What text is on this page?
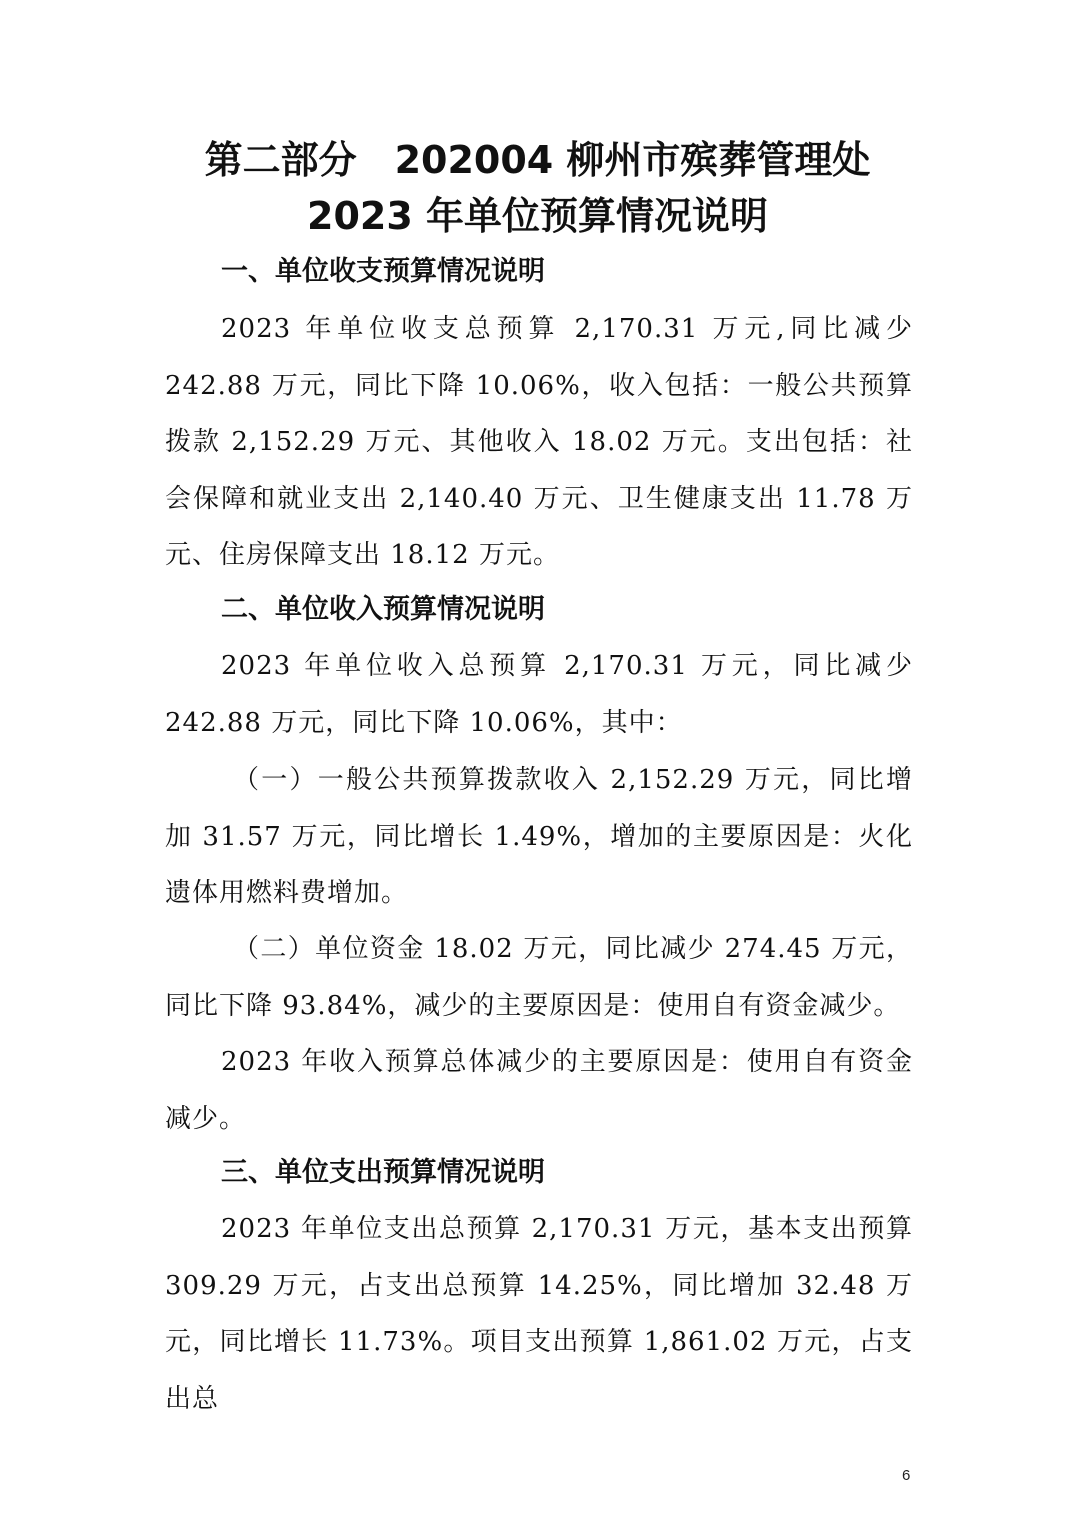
第二部分　202004 柳州市殡葬管理处
2023 年单位预算情况说明
一、单位收支预算情况说明

2023 年单位收支总预算 2,170.31 万元,同比减少 242.88 万元，同比下降 10.06%，收入包括：一般公共预算拨款 2,152.29 万元、其他收入 18.02 万元。支出包括：社会保障和就业支出 2,140.40 万元、卫生健康支出 11.78 万元、住房保障支出 18.12 万元。

二、单位收入预算情况说明

2023 年单位收入总预算 2,170.31 万元，同比减少 242.88 万元，同比下降 10.06%，其中：

（一）一般公共预算拨款收入 2,152.29 万元，同比增加 31.57 万元，同比增长 1.49%，增加的主要原因是：火化遗体用燃料费增加。

（二）单位资金 18.02 万元，同比减少 274.45 万元，同比下降 93.84%，减少的主要原因是：使用自有资金减少。

2023 年收入预算总体减少的主要原因是：使用自有资金减少。

三、单位支出预算情况说明

2023 年单位支出总预算 2,170.31 万元，基本支出预算 309.29 万元，占支出总预算 14.25%，同比增加 32.48 万元，同比增长 11.73%。项目支出预算 1,861.02 万元，占支出总

6
